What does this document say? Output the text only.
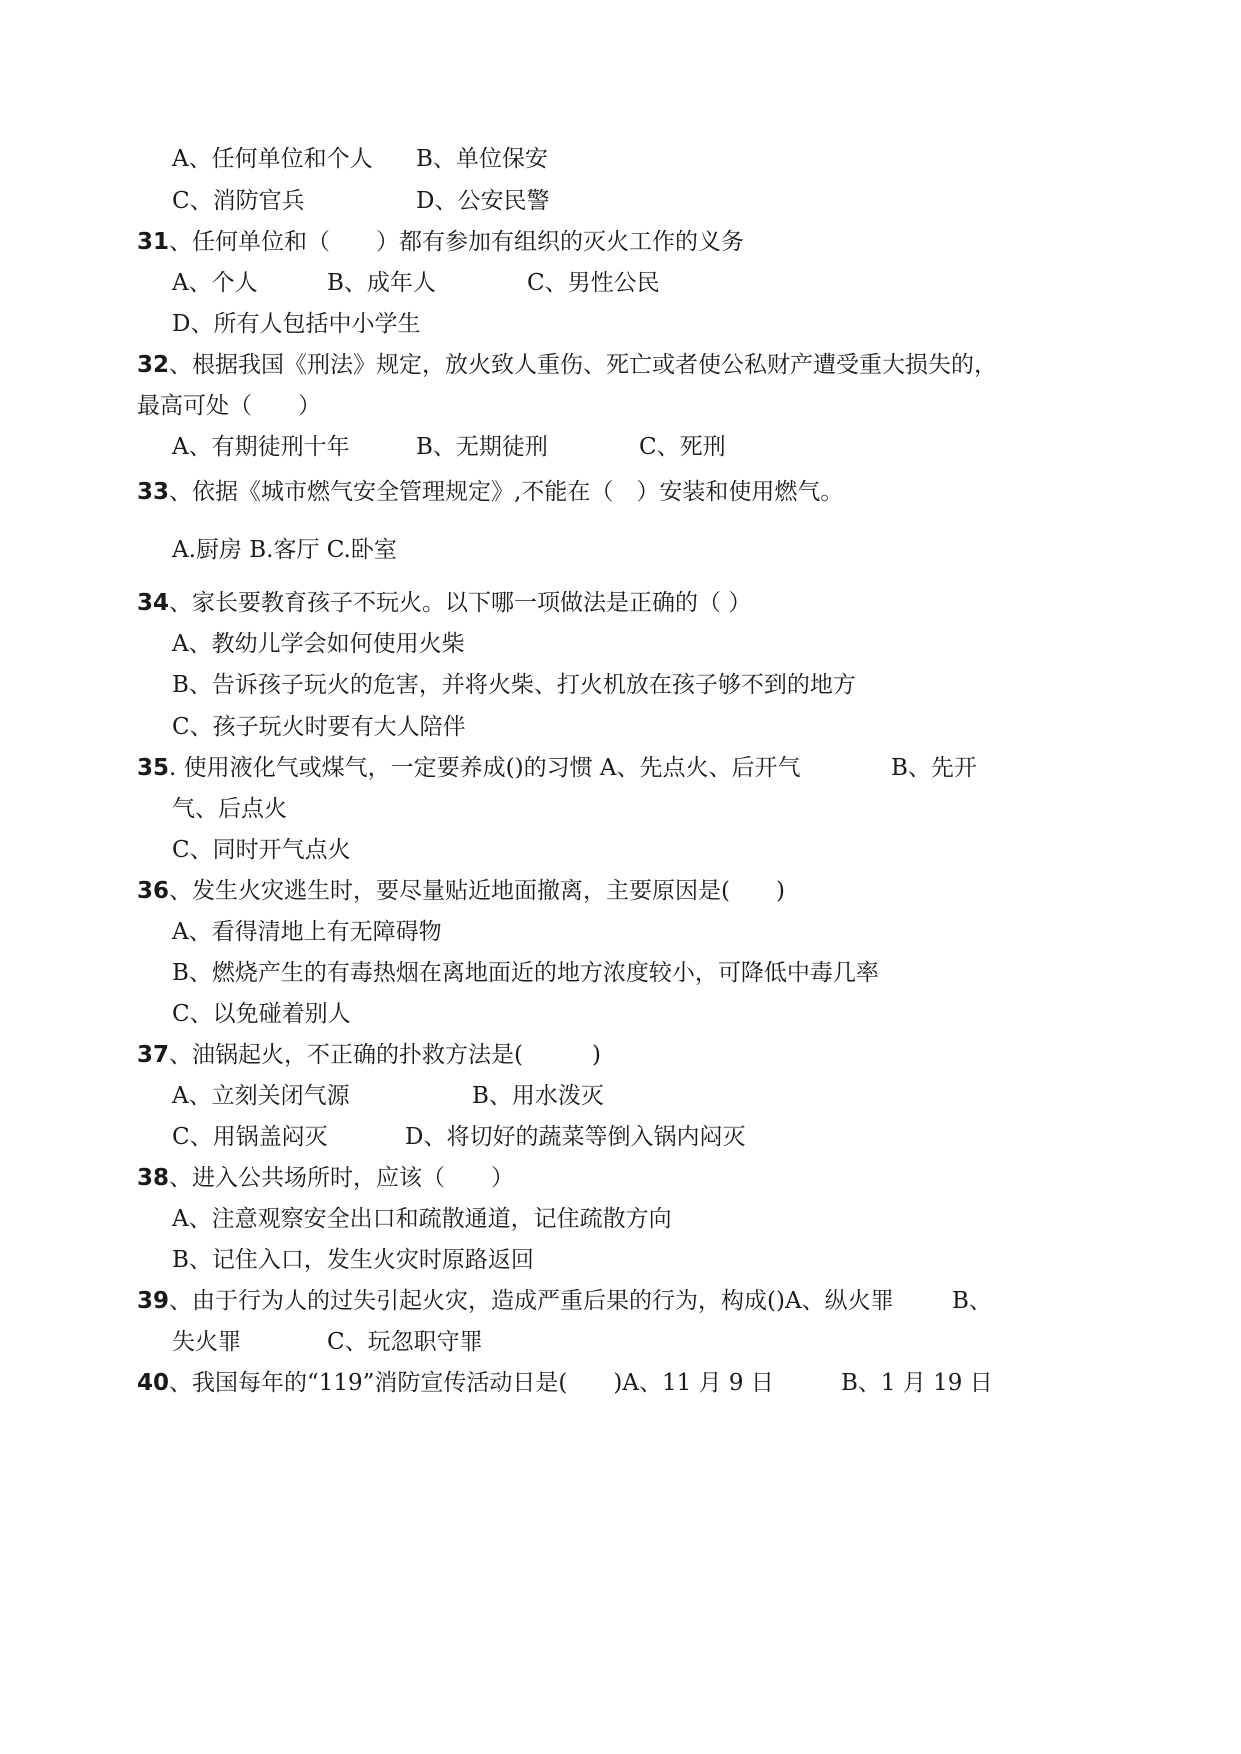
A、任何单位和个人 B、单位保安
C、消防官兵	D、公安民警
31、任何单位和（　　）都有参加有组织的灭火工作的义务
A、个人	B、成年人	C、男性公民
D、所有人包括中小学生
32、根据我国《刑法》规定，放火致人重伤、死亡或者使公私财产遭受重大损失的，
最高可处（　　）
A、有期徒刑十年	B、无期徒刑	C、死刑
33、依据《城市燃气安全管理规定》,不能在（　）安装和使用燃气。
A.厨房 B.客厅 C.卧室
34、家长要教育孩子不玩火。以下哪一项做法是正确的（ ）
A、教幼儿学会如何使用火柴
B、告诉孩子玩火的危害，并将火柴、打火机放在孩子够不到的地方
C、孩子玩火时要有大人陪伴
35. 使用液化气或煤气，一定要养成()的习惯 A、先点火、后开气	B、先开
气、后点火
C、同时开气点火
36、发生火灾逃生时，要尽量贴近地面撤离，主要原因是(　　)
A、看得清地上有无障碍物
B、燃烧产生的有毒热烟在离地面近的地方浓度较小，可降低中毒几率
C、以免碰着别人
37、油锅起火，不正确的扑救方法是(　　　)
A、立刻关闭气源	B、用水泼灭
C、用锅盖闷灭	D、将切好的蔬菜等倒入锅内闷灭
38、进入公共场所时，应该（　　）
A、注意观察安全出口和疏散通道，记住疏散方向
B、记住入口，发生火灾时原路返回
39、由于行为人的过失引起火灾，造成严重后果的行为，构成()A、纵火罪	B、
失火罪	C、玩忽职守罪
40、我国每年的“119”消防宣传活动日是(　　)A、11 月 9 日	B、1 月 19 日
